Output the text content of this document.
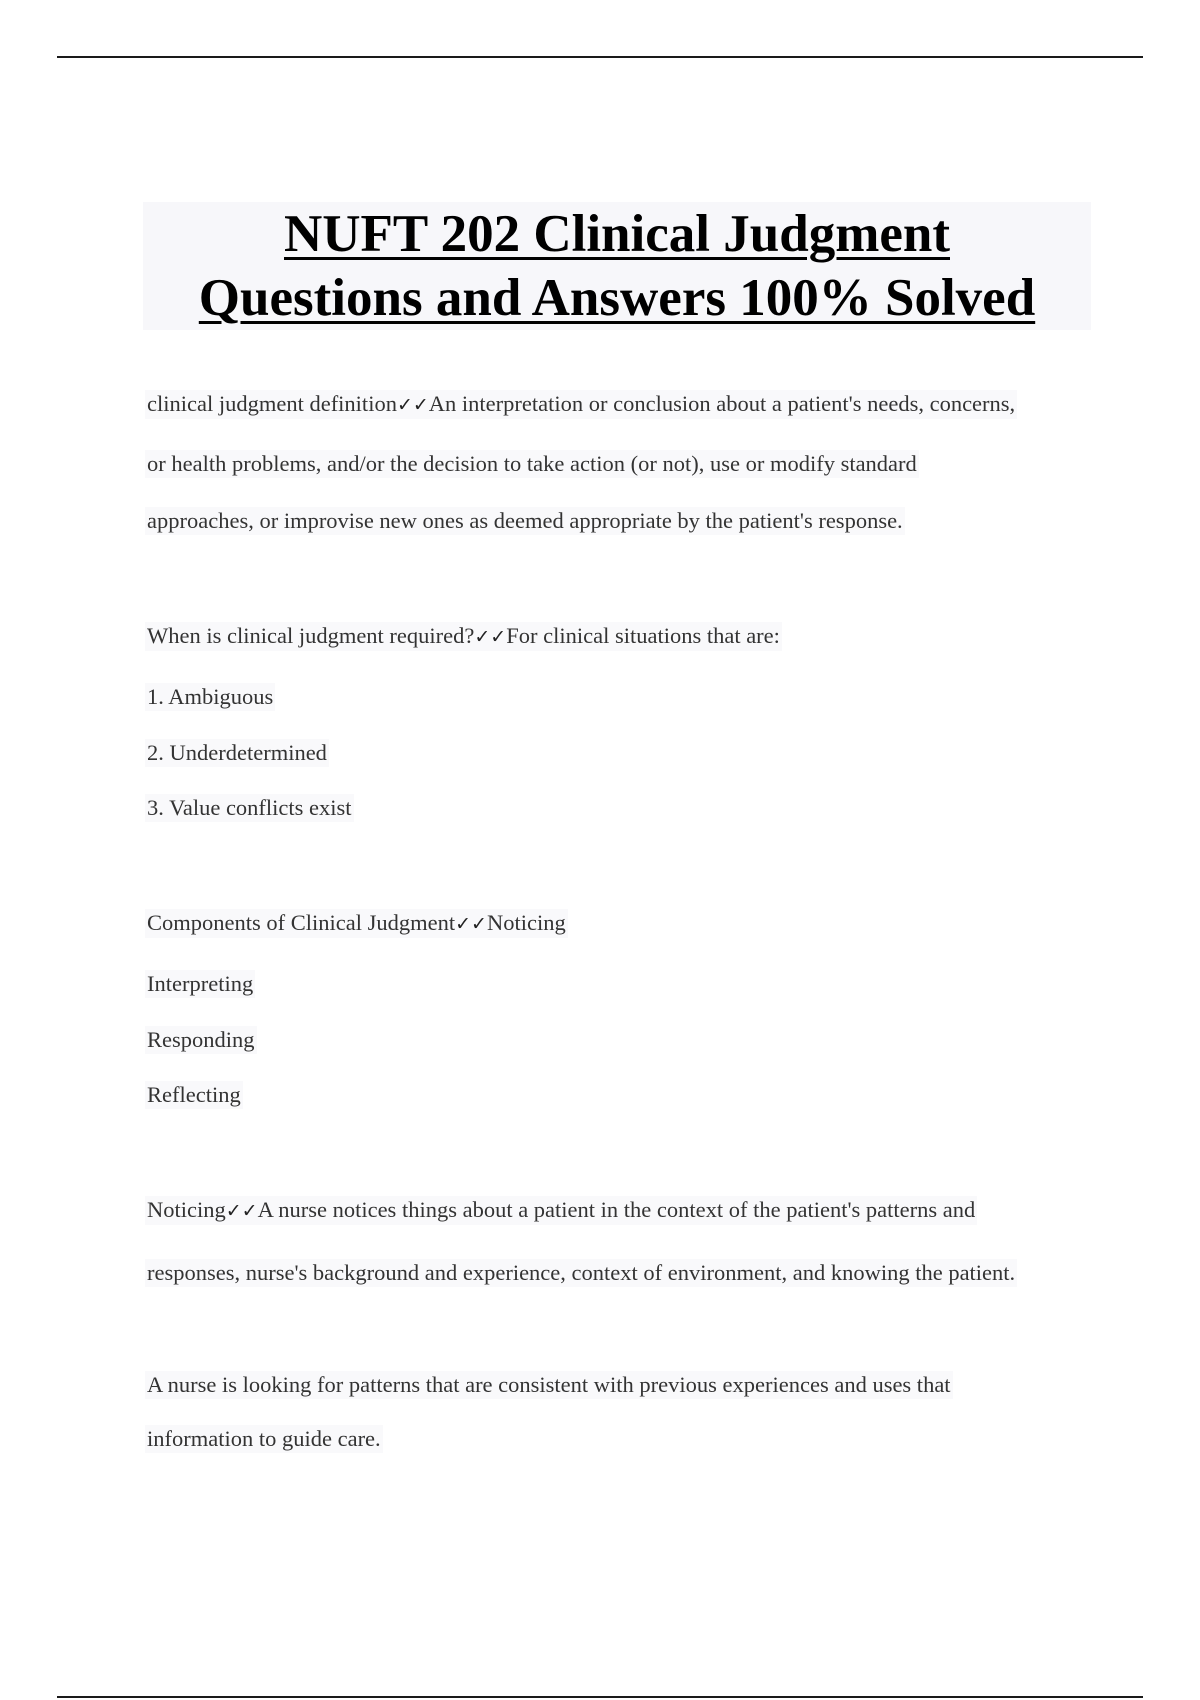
NUFT 202 Clinical Judgment
Questions and Answers 100% Solved
clinical judgment definition✓✓An interpretation or conclusion about a patient's needs, concerns,
or health problems, and/or the decision to take action (or not), use or modify standard
approaches, or improvise new ones as deemed appropriate by the patient's response.
When is clinical judgment required?✓✓For clinical situations that are:
1. Ambiguous
2. Underdetermined
3. Value conflicts exist
Components of Clinical Judgment✓✓Noticing
Interpreting
Responding
Reflecting
Noticing✓✓A nurse notices things about a patient in the context of the patient's patterns and
responses, nurse's background and experience, context of environment, and knowing the patient.
A nurse is looking for patterns that are consistent with previous experiences and uses that
information to guide care.
